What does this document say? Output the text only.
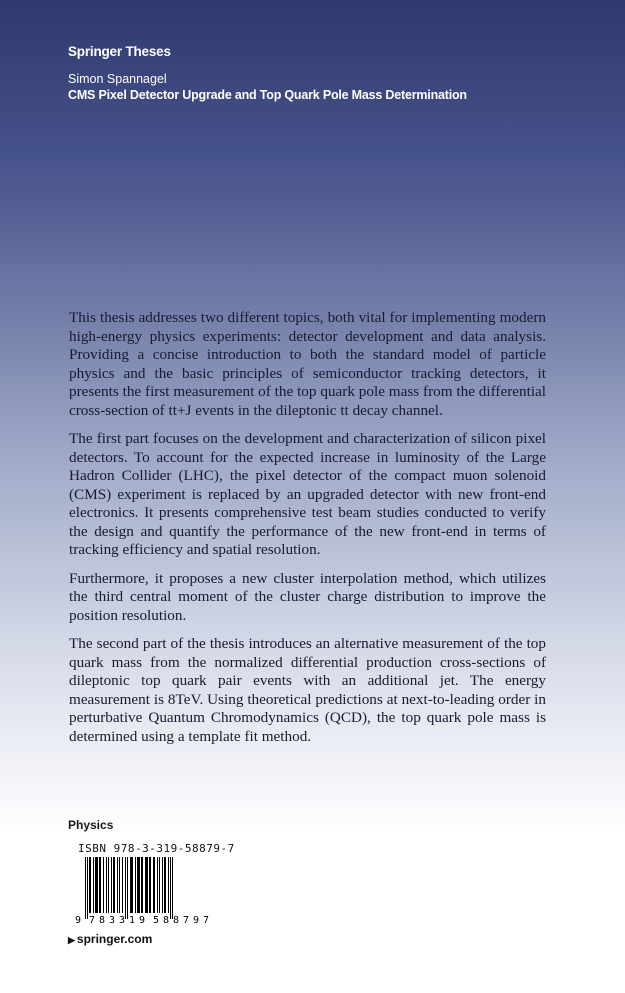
Springer Theses
Simon Spannagel
CMS Pixel Detector Upgrade and Top Quark Pole Mass Determination

This thesis addresses two different topics, both vital for implementing modern high-energy physics experiments: detector development and data analysis. Providing a concise introduction to both the standard model of particle physics and the basic principles of semiconductor tracking detectors, it presents the first measurement of the top quark pole mass from the differential cross-section of tt+J events in the dileptonic tt decay channel.

The first part focuses on the development and characterization of silicon pixel detectors. To account for the expected increase in luminosity of the Large Hadron Collider (LHC), the pixel detector of the compact muon solenoid (CMS) experiment is replaced by an upgraded detector with new front-end electronics. It presents comprehensive test beam studies conducted to verify the design and quantify the performance of the new front-end in terms of tracking efficiency and spatial resolution.

Furthermore, it proposes a new cluster interpolation method, which utilizes the third central moment of the cluster charge distribution to improve the position resolution.

The second part of the thesis introduces an alternative measurement of the top quark mass from the normalized differential production cross-sections of dileptonic top quark pair events with an additional jet. The energy measurement is 8TeV. Using theoretical predictions at next-to-leading order in perturbative Quantum Chromodynamics (QCD), the top quark pole mass is determined using a template fit method.

Physics
ISBN 978-3-319-58879-7
9 783319 588797
▶ springer.com
